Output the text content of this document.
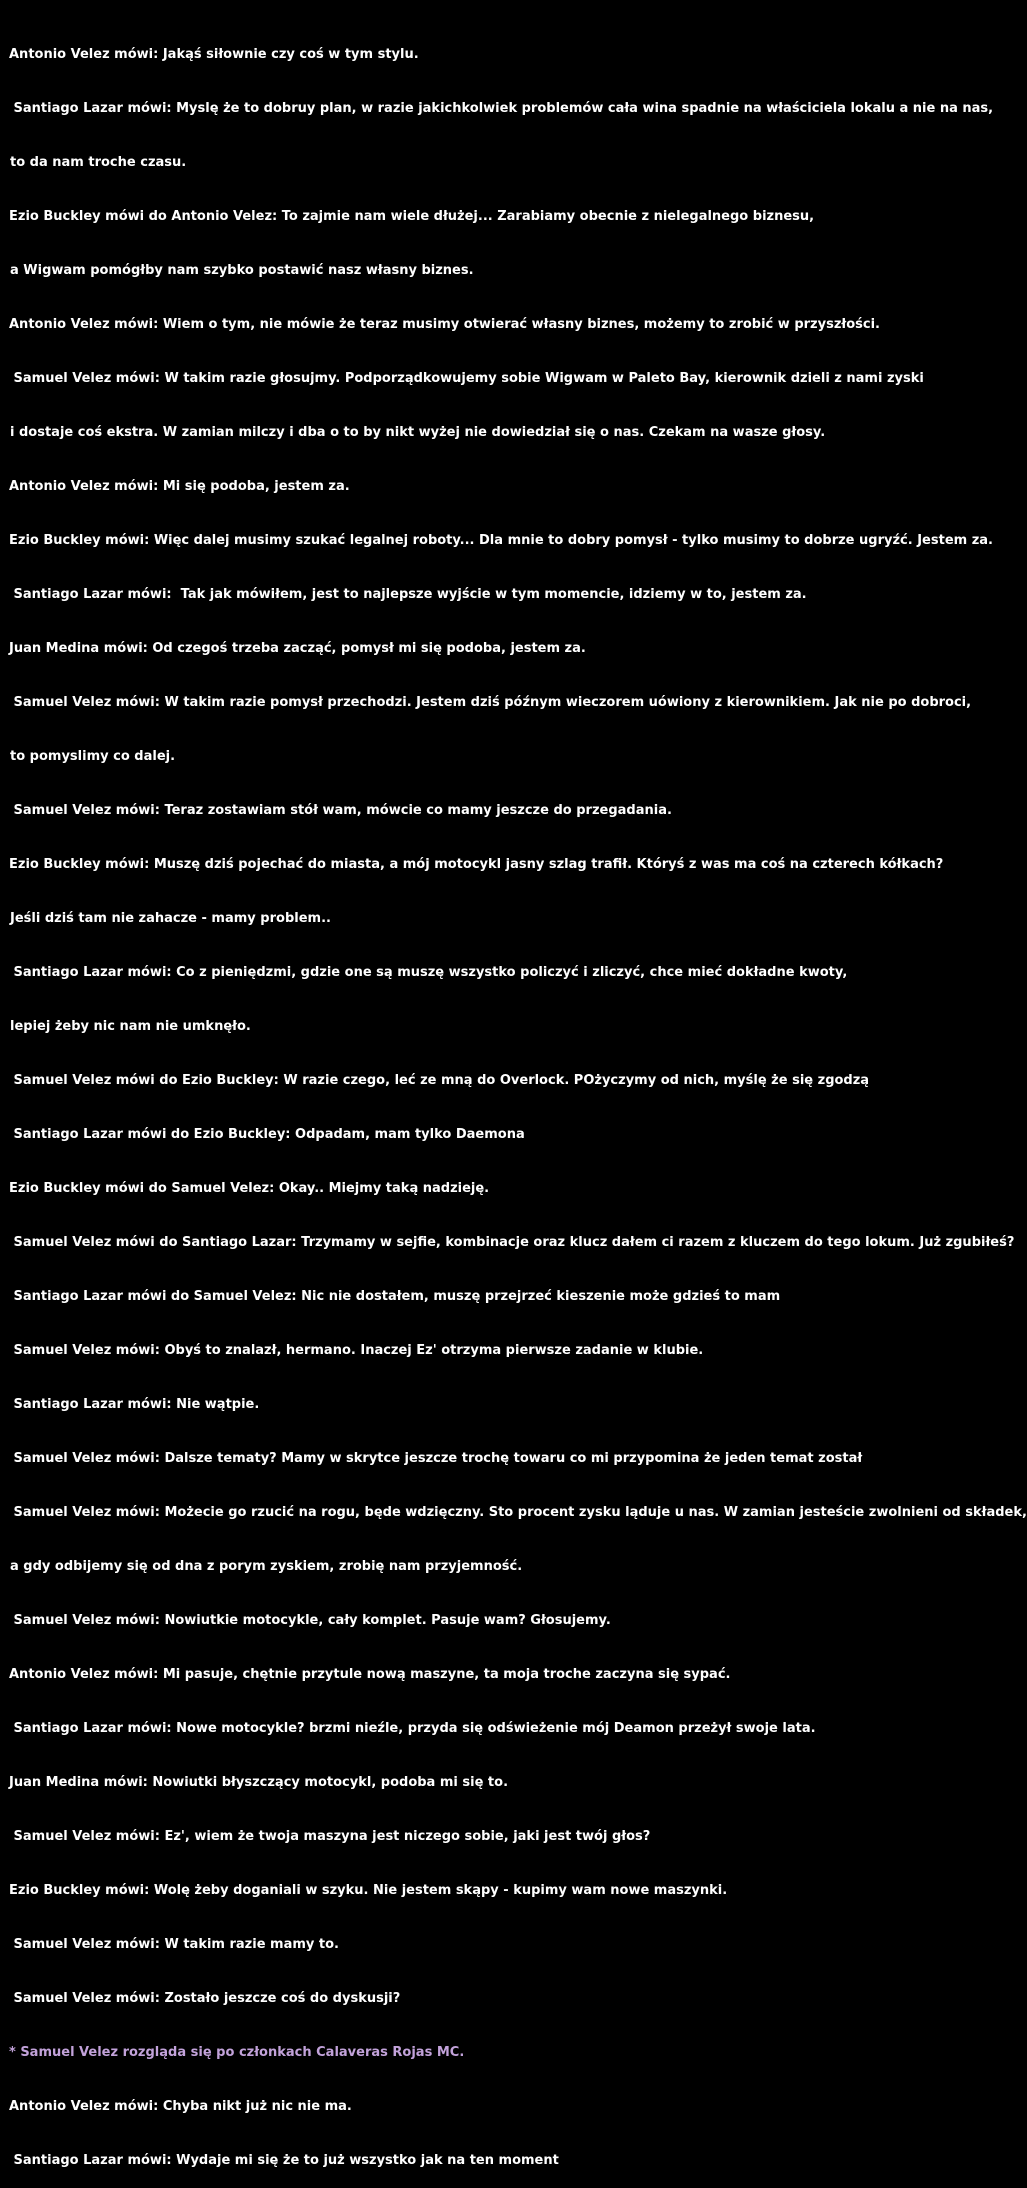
Antonio Velez mówi: Jakąś siłownie czy coś w tym stylu.

Santiago Lazar mówi: Myslę że to dobruy plan, w razie jakichkolwiek problemów cała wina spadnie na właściciela lokalu a nie na nas,

to da nam troche czasu.

Ezio Buckley mówi do Antonio Velez: To zajmie nam wiele dłużej... Zarabiamy obecnie z nielegalnego biznesu,

a Wigwam pomógłby nam szybko postawić nasz własny biznes.

Antonio Velez mówi: Wiem o tym, nie mówie że teraz musimy otwierać własny biznes, możemy to zrobić w przyszłości.

Samuel Velez mówi: W takim razie głosujmy. Podporządkowujemy sobie Wigwam w Paleto Bay, kierownik dzieli z nami zyski

i dostaje coś ekstra. W zamian milczy i dba o to by nikt wyżej nie dowiedział się o nas. Czekam na wasze głosy.

Antonio Velez mówi: Mi się podoba, jestem za.

Ezio Buckley mówi: Więc dalej musimy szukać legalnej roboty... Dla mnie to dobry pomysł - tylko musimy to dobrze ugryźć. Jestem za.

Santiago Lazar mówi:  Tak jak mówiłem, jest to najlepsze wyjście w tym momencie, idziemy w to, jestem za.

Juan Medina mówi: Od czegoś trzeba zacząć, pomysł mi się podoba, jestem za.

Samuel Velez mówi: W takim razie pomysł przechodzi. Jestem dziś późnym wieczorem uówiony z kierownikiem. Jak nie po dobroci,

to pomyslimy co dalej.

Samuel Velez mówi: Teraz zostawiam stół wam, mówcie co mamy jeszcze do przegadania.

Ezio Buckley mówi: Muszę dziś pojechać do miasta, a mój motocykl jasny szlag trafił. Któryś z was ma coś na czterech kółkach?

Jeśli dziś tam nie zahacze - mamy problem..

Santiago Lazar mówi: Co z pieniędzmi, gdzie one są muszę wszystko policzyć i zliczyć, chce mieć dokładne kwoty,

lepiej żeby nic nam nie umknęło.

Samuel Velez mówi do Ezio Buckley: W razie czego, leć ze mną do Overlock. POżyczymy od nich, myślę że się zgodzą

Santiago Lazar mówi do Ezio Buckley: Odpadam, mam tylko Daemona

Ezio Buckley mówi do Samuel Velez: Okay.. Miejmy taką nadzieję.

Samuel Velez mówi do Santiago Lazar: Trzymamy w sejfie, kombinacje oraz klucz dałem ci razem z kluczem do tego lokum. Już zgubiłeś?

Santiago Lazar mówi do Samuel Velez: Nic nie dostałem, muszę przejrzeć kieszenie może gdzieś to mam

Samuel Velez mówi: Obyś to znalazł, hermano. Inaczej Ez' otrzyma pierwsze zadanie w klubie.

Santiago Lazar mówi: Nie wątpie.

Samuel Velez mówi: Dalsze tematy? Mamy w skrytce jeszcze trochę towaru co mi przypomina że jeden temat został

Samuel Velez mówi: Możecie go rzucić na rogu, będe wdzięczny. Sto procent zysku ląduje u nas. W zamian jesteście zwolnieni od składek,

a gdy odbijemy się od dna z porym zyskiem, zrobię nam przyjemność.

Samuel Velez mówi: Nowiutkie motocykle, cały komplet. Pasuje wam? Głosujemy.

Antonio Velez mówi: Mi pasuje, chętnie przytule nową maszyne, ta moja troche zaczyna się sypać.

Santiago Lazar mówi: Nowe motocykle? brzmi nieźle, przyda się odświeżenie mój Deamon przeżył swoje lata.

Juan Medina mówi: Nowiutki błyszczący motocykl, podoba mi się to.

Samuel Velez mówi: Ez', wiem że twoja maszyna jest niczego sobie, jaki jest twój głos?

Ezio Buckley mówi: Wolę żeby doganiali w szyku. Nie jestem skąpy - kupimy wam nowe maszynki.

Samuel Velez mówi: W takim razie mamy to.

Samuel Velez mówi: Zostało jeszcze coś do dyskusji?

* Samuel Velez rozgląda się po członkach Calaveras Rojas MC.

Antonio Velez mówi: Chyba nikt już nic nie ma.

Santiago Lazar mówi: Wydaje mi się że to już wszystko jak na ten moment
